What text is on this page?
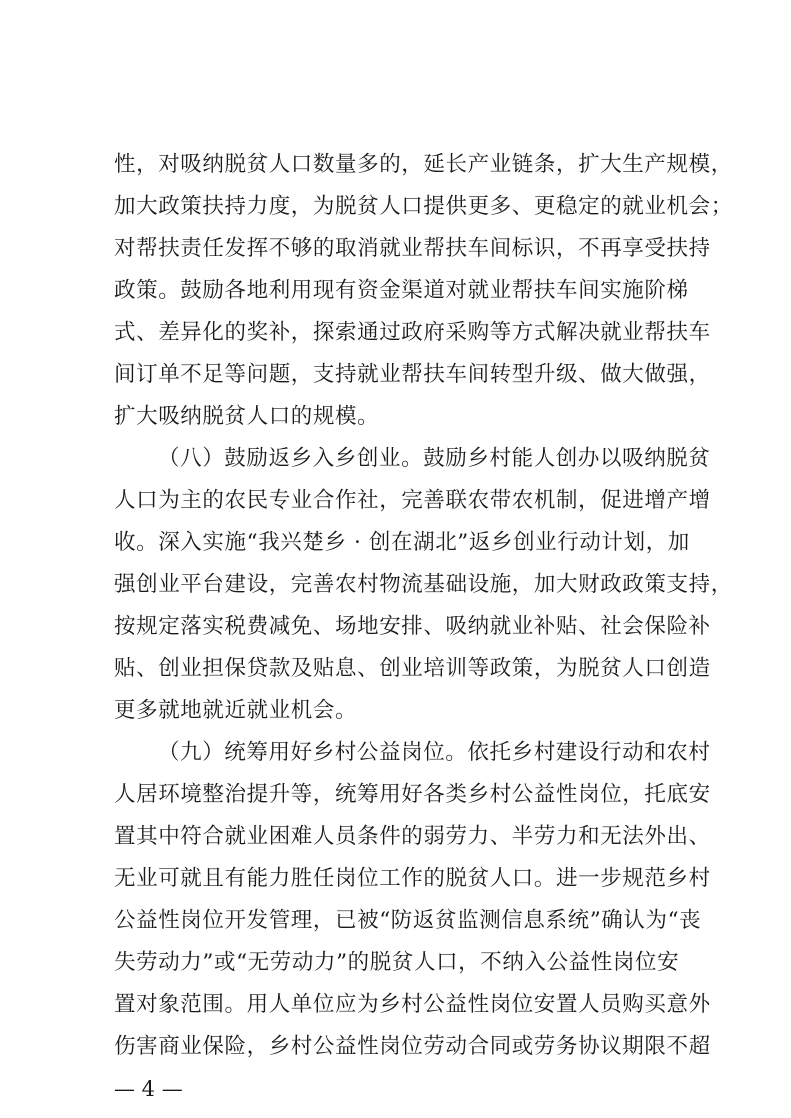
性，对吸纳脱贫人口数量多的，延长产业链条，扩大生产规模，
加大政策扶持力度，为脱贫人口提供更多、更稳定的就业机会；
对帮扶责任发挥不够的取消就业帮扶车间标识，不再享受扶持
政策。鼓励各地利用现有资金渠道对就业帮扶车间实施阶梯
式、差异化的奖补，探索通过政府采购等方式解决就业帮扶车
间订单不足等问题，支持就业帮扶车间转型升级、做大做强，
扩大吸纳脱贫人口的规模。
（八）鼓励返乡入乡创业。鼓励乡村能人创办以吸纳脱贫
人口为主的农民专业合作社，完善联农带农机制，促进增产增
收。深入实施“我兴楚乡 · 创在湖北”返乡创业行动计划，加
强创业平台建设，完善农村物流基础设施，加大财政政策支持，
按规定落实税费减免、场地安排、吸纳就业补贴、社会保险补
贴、创业担保贷款及贴息、创业培训等政策，为脱贫人口创造
更多就地就近就业机会。
（九）统筹用好乡村公益岗位。依托乡村建设行动和农村
人居环境整治提升等，统筹用好各类乡村公益性岗位，托底安
置其中符合就业困难人员条件的弱劳力、半劳力和无法外出、
无业可就且有能力胜任岗位工作的脱贫人口。进一步规范乡村
公益性岗位开发管理，已被“防返贫监测信息系统”确认为“丧
失劳动力”或“无劳动力”的脱贫人口，不纳入公益性岗位安
置对象范围。用人单位应为乡村公益性岗位安置人员购买意外
伤害商业保险，乡村公益性岗位劳动合同或劳务协议期限不超
— 4 —
